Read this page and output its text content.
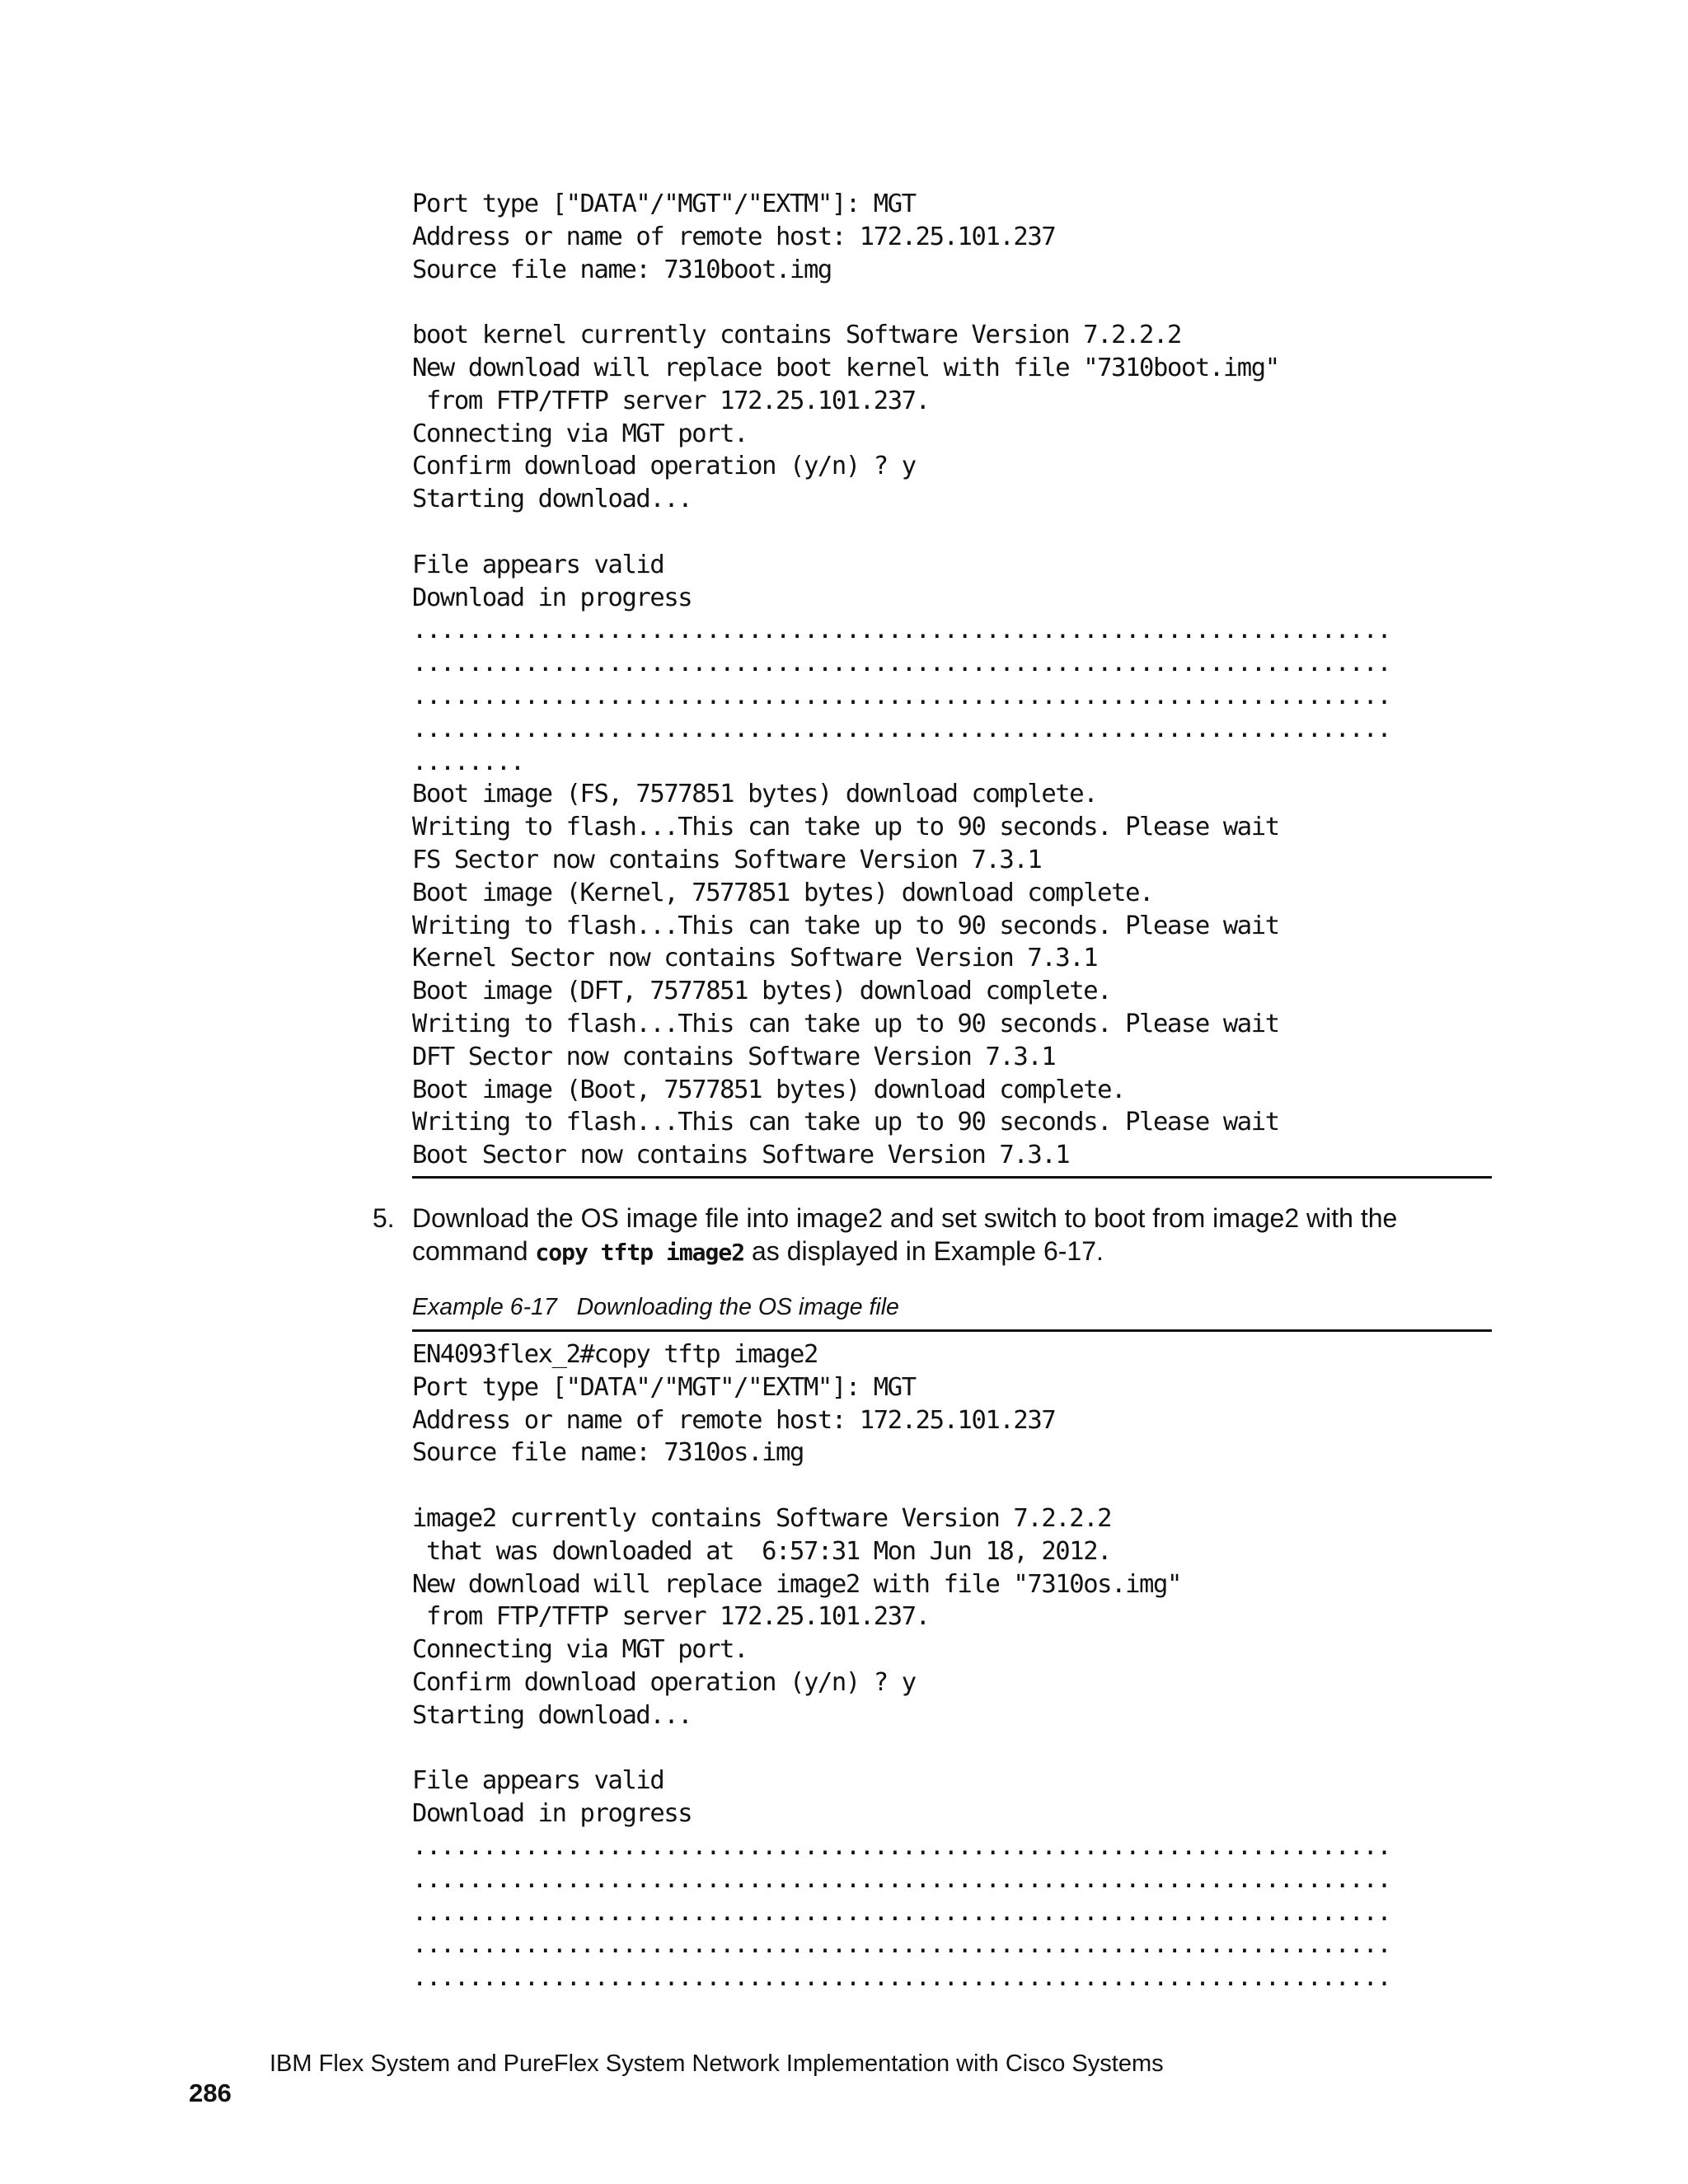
Port type ["DATA"/"MGT"/"EXTM"]: MGT
Address or name of remote host: 172.25.101.237
Source file name: 7310boot.img

boot kernel currently contains Software Version 7.2.2.2
New download will replace boot kernel with file "7310boot.img"
from FTP/TFTP server 172.25.101.237.
Connecting via MGT port.
Confirm download operation (y/n) ? y
Starting download...

File appears valid
Download in progress
......................................................................
......................................................................
......................................................................
......................................................................
........
Boot image (FS, 7577851 bytes) download complete.
Writing to flash...This can take up to 90 seconds. Please wait
FS Sector now contains Software Version 7.3.1
Boot image (Kernel, 7577851 bytes) download complete.
Writing to flash...This can take up to 90 seconds. Please wait
Kernel Sector now contains Software Version 7.3.1
Boot image (DFT, 7577851 bytes) download complete.
Writing to flash...This can take up to 90 seconds. Please wait
DFT Sector now contains Software Version 7.3.1
Boot image (Boot, 7577851 bytes) download complete.
Writing to flash...This can take up to 90 seconds. Please wait
Boot Sector now contains Software Version 7.3.1
5. Download the OS image file into image2 and set switch to boot from image2 with the command copy tftp image2 as displayed in Example 6-17.
Example 6-17   Downloading the OS image file
EN4093flex_2#copy tftp image2
Port type ["DATA"/"MGT"/"EXTM"]: MGT
Address or name of remote host: 172.25.101.237
Source file name: 7310os.img

image2 currently contains Software Version 7.2.2.2
that was downloaded at  6:57:31 Mon Jun 18, 2012.
New download will replace image2 with file "7310os.img"
from FTP/TFTP server 172.25.101.237.
Connecting via MGT port.
Confirm download operation (y/n) ? y
Starting download...

File appears valid
Download in progress
......................................................................
......................................................................
......................................................................
......................................................................
......................................................................

286

IBM Flex System and PureFlex System Network Implementation with Cisco Systems
